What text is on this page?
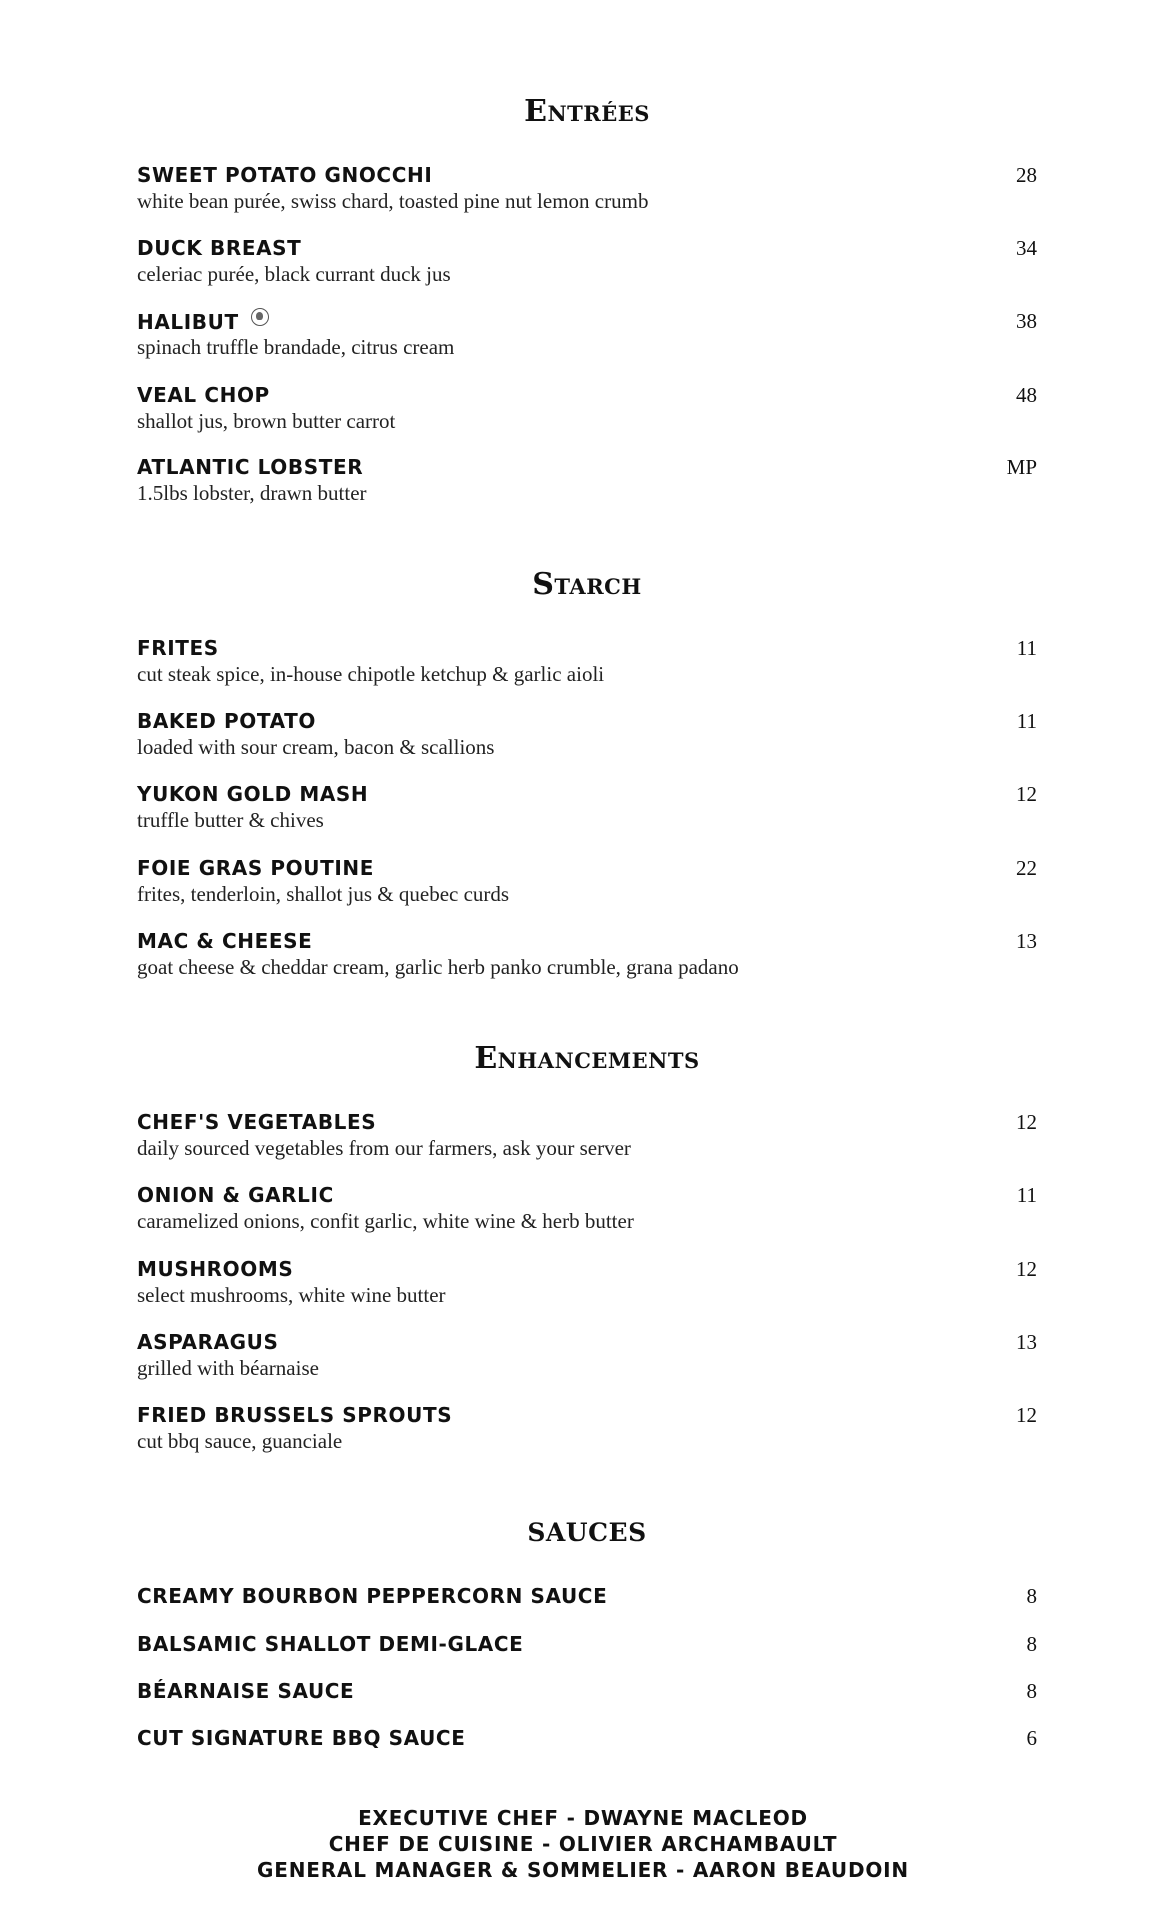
Entrées
SWEET POTATO GNOCCHI
white bean purée, swiss chard, toasted pine nut lemon crumb
28
DUCK BREAST
celeriac purée, black currant duck jus
34
HALIBUT
spinach truffle brandade, citrus cream
38
VEAL CHOP
shallot jus, brown butter carrot
48
ATLANTIC LOBSTER
1.5lbs lobster, drawn butter
MP
Starch
FRITES
cut steak spice, in-house chipotle ketchup & garlic aioli
11
BAKED POTATO
loaded with sour cream, bacon & scallions
11
YUKON GOLD MASH
truffle butter & chives
12
FOIE GRAS POUTINE
frites, tenderloin, shallot jus & quebec curds
22
MAC & CHEESE
goat cheese & cheddar cream, garlic herb panko crumble, grana padano
13
Enhancements
CHEF'S VEGETABLES
daily sourced vegetables from our farmers, ask your server
12
ONION & GARLIC
caramelized onions, confit garlic, white wine & herb butter
11
MUSHROOMS
select mushrooms, white wine butter
12
ASPARAGUS
grilled with béarnaise
13
FRIED BRUSSELS SPROUTS
cut bbq sauce, guanciale
12
SAUCES
CREAMY BOURBON PEPPERCORN SAUCE	8
BALSAMIC SHALLOT DEMI-GLACE	8
BÉARNAISE SAUCE	8
CUT SIGNATURE BBQ SAUCE	6
EXECUTIVE CHEF - DWAYNE MACLEOD
CHEF DE CUISINE - OLIVIER ARCHAMBAULT
GENERAL MANAGER & SOMMELIER - AARON BEAUDOIN
